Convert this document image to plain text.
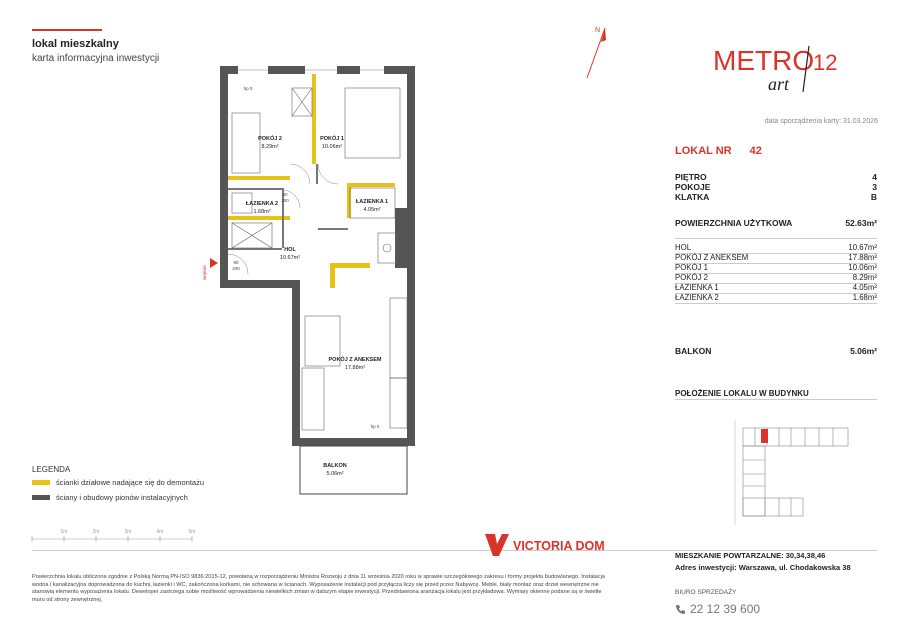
lokal mieszkalny
karta informacyjna inwestycji
N
METRO
12
art
data sporządzenia karty: 31.03.2026
LOKAL NR 42
PIĘTRO	4
POKOJE	3
KLATKA	B
POWIERZCHNIA UŻYTKOWA	52.63m²
HOL	10.67m²
POKÓJ Z ANEKSEM	17.88m²
POKÓJ 1	10.06m²
POKÓJ 2	8.29m²
ŁAZIENKA 1	4.05m²
ŁAZIENKA 2	1.68m²
BALKON	5.06m²
POŁOŻENIE LOKALU W BUDYNKU
POKÓJ 2
8.29m²
POKÓJ 1
10.06m²
ŁAZIENKA 2
1.68m²
ŁAZIENKA 1
4.05m²
HOL
10.67m²
POKÓJ Z ANEKSEM
17.88m²
BALKON
5.06m²
80
200
90
200
hp 0
hp 0
wejście
LEGENDA
ścianki działowe nadające się do demontażu
ściany i obudowy pionów instalacyjnych
1m	2m	3m	4m	5m
VICTORIA DOM
Powierzchnia lokalu obliczona zgodnie z Polską Normą PN-ISO 9836:2015-12, powołaną w rozporządzeniu Ministra Rozwoju z dnia 11 września 2020 roku w sprawie szczegółowego zakresu i formy projektu budowlanego. Instalacja wodna i kanalizacyjna doprowadzona do kuchni, łazienki i WC, zakończona korkami, nie schowana w ścianach. Wyposażenie instalacji pod przyłącza liczy się przed przez Nabywcę. Meble, biały montaż oraz drzwi wewnętrzne nie stanowią elementu wyposażenia lokalu. Deweloper zastrzega sobie możliwość wprowadzenia niewielkich zmian w dalszym etapie inwestycji. Przedstawiona aranżacja lokalu jest przykładowa. Wymiary okienne podane są w świetle muru od strony zewnętrznej.
MIESZKANIE POWTARZALNE: 30,34,38,46
Adres inwestycji: Warszawa, ul. Chodakowska 38
BIURO SPRZEDAŻY
22 12 39 600
